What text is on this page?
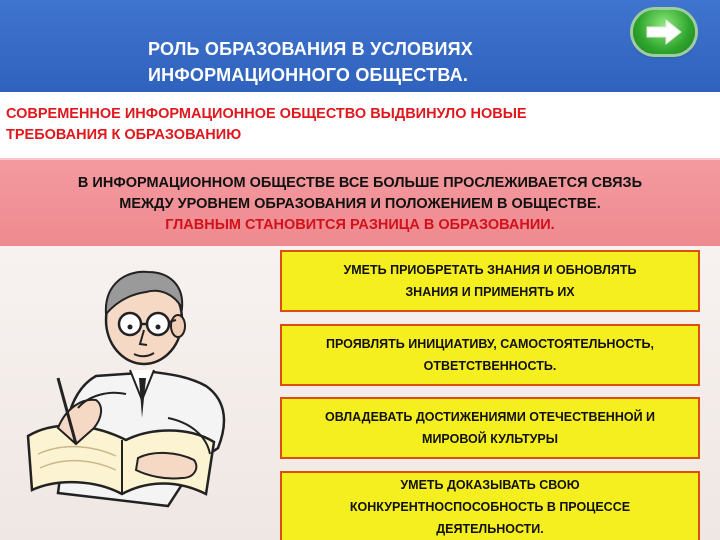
РОЛЬ ОБРАЗОВАНИЯ В УСЛОВИЯХ
ИНФОРМАЦИОННОГО ОБЩЕСТВА.
СОВРЕМЕННОЕ ИНФОРМАЦИОННОЕ ОБЩЕСТВО ВЫДВИНУЛО НОВЫЕ
ТРЕБОВАНИЯ К ОБРАЗОВАНИЮ
В ИНФОРМАЦИОННОМ ОБЩЕСТВЕ ВСЕ БОЛЬШЕ ПРОСЛЕЖИВАЕТСЯ СВЯЗЬ
МЕЖДУ УРОВНЕМ ОБРАЗОВАНИЯ И ПОЛОЖЕНИЕМ В ОБЩЕСТВЕ.
ГЛАВНЫМ СТАНОВИТСЯ РАЗНИЦА В ОБРАЗОВАНИИ.
УМЕТЬ ПРИОБРЕТАТЬ ЗНАНИЯ И ОБНОВЛЯТЬ
ЗНАНИЯ И ПРИМЕНЯТЬ ИХ
ПРОЯВЛЯТЬ ИНИЦИАТИВУ, САМОСТОЯТЕЛЬНОСТЬ,
ОТВЕТСТВЕННОСТЬ.
ОВЛАДЕВАТЬ ДОСТИЖЕНИЯМИ ОТЕЧЕСТВЕННОЙ И
МИРОВОЙ КУЛЬТУРЫ
УМЕТЬ ДОКАЗЫВАТЬ СВОЮ
КОНКУРЕНТНОСПОСОБНОСТЬ В ПРОЦЕССЕ
ДЕЯТЕЛЬНОСТИ.
